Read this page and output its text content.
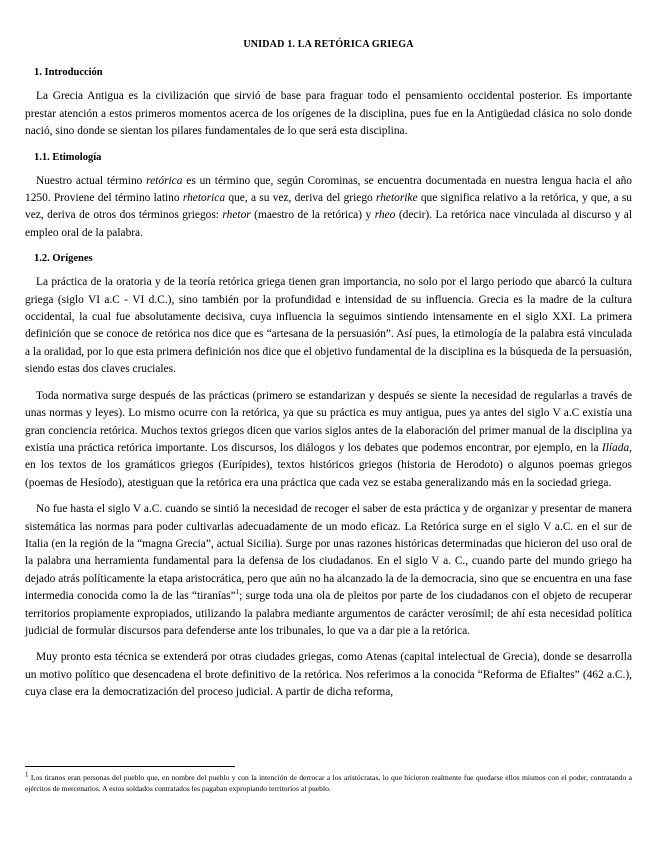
UNIDAD 1. LA RETÓRICA GRIEGA
1. Introducción

La Grecia Antigua es la civilización que sirvió de base para fraguar todo el pensamiento occidental posterior. Es importante prestar atención a estos primeros momentos acerca de los orígenes de la disciplina, pues fue en la Antigüedad clásica no solo donde nació, sino donde se sientan los pilares fundamentales de lo que será esta disciplina.

1.1. Etimología

Nuestro actual término retórica es un término que, según Corominas, se encuentra documentada en nuestra lengua hacia el año 1250. Proviene del término latino rhetorica que, a su vez, deriva del griego rhetorike que significa relativo a la retórica, y que, a su vez, deriva de otros dos términos griegos: rhetor (maestro de la retórica) y rheo (decir). La retórica nace vinculada al discurso y al empleo oral de la palabra.

1.2. Orígenes

La práctica de la oratoria y de la teoría retórica griega tienen gran importancia, no solo por el largo periodo que abarcó la cultura griega (siglo VI a.C - VI d.C.), sino también por la profundidad e intensidad de su influencia. Grecia es la madre de la cultura occidental, la cual fue absolutamente decisiva, cuya influencia la seguimos sintiendo intensamente en el siglo XXI. La primera definición que se conoce de retórica nos dice que es “artesana de la persuasión”. Así pues, la etimología de la palabra está vinculada a la oralidad, por lo que esta primera definición nos dice que el objetivo fundamental de la disciplina es la búsqueda de la persuasión, siendo estas dos claves cruciales.

Toda normativa surge después de las prácticas (primero se estandarizan y después se siente la necesidad de regularlas a través de unas normas y leyes). Lo mismo ocurre con la retórica, ya que su práctica es muy antigua, pues ya antes del siglo V a.C existía una gran conciencia retórica. Muchos textos griegos dicen que varios siglos antes de la elaboración del primer manual de la disciplina ya existía una práctica retórica importante. Los discursos, los diálogos y los debates que podemos encontrar, por ejemplo, en la Ilíada, en los textos de los gramáticos griegos (Eurípides), textos históricos griegos (historia de Herodoto) o algunos poemas griegos (poemas de Hesíodo), atestiguan que la retórica era una práctica que cada vez se estaba generalizando más en la sociedad griega.

No fue hasta el siglo V a.C. cuando se sintió la necesidad de recoger el saber de esta práctica y de organizar y presentar de manera sistemática las normas para poder cultivarlas adecuadamente de un modo eficaz. La Retórica surge en el siglo V a.C. en el sur de Italia (en la región de la “magna Grecia”, actual Sicilia). Surge por unas razones históricas determinadas que hicieron del uso oral de la palabra una herramienta fundamental para la defensa de los ciudadanos. En el siglo V a. C., cuando parte del mundo griego ha dejado atrás políticamente la etapa aristocrática, pero que aún no ha alcanzado la de la democracia, sino que se encuentra en una fase intermedia conocida como la de las “tiranías”$^1$; surge toda una ola de pleitos por parte de los ciudadanos con el objeto de recuperar territorios propiamente expropiados, utilizando la palabra mediante argumentos de carácter verosímil; de ahí esta necesidad política judicial de formular discursos para defenderse ante los tribunales, lo que va a dar pie a la retórica.

Muy pronto esta técnica se extenderá por otras ciudades griegas, como Atenas (capital intelectual de Grecia), donde se desarrolla un motivo político que desencadena el brote definitivo de la retórica. Nos referimos a la conocida “Reforma de Efialtes” (462 a.C.), cuya clase era la democratización del proceso judicial. A partir de dicha reforma,

$^1$ Los tiranos eran personas del pueblo que, en nombre del pueblo y con la intención de derrocar a los aristócratas, lo que hicieron realmente fue quedarse ellos mismos con el poder, contratando a ejércitos de mercenarios. A estos soldados contratados les pagaban expropiando territorios al pueblo.
